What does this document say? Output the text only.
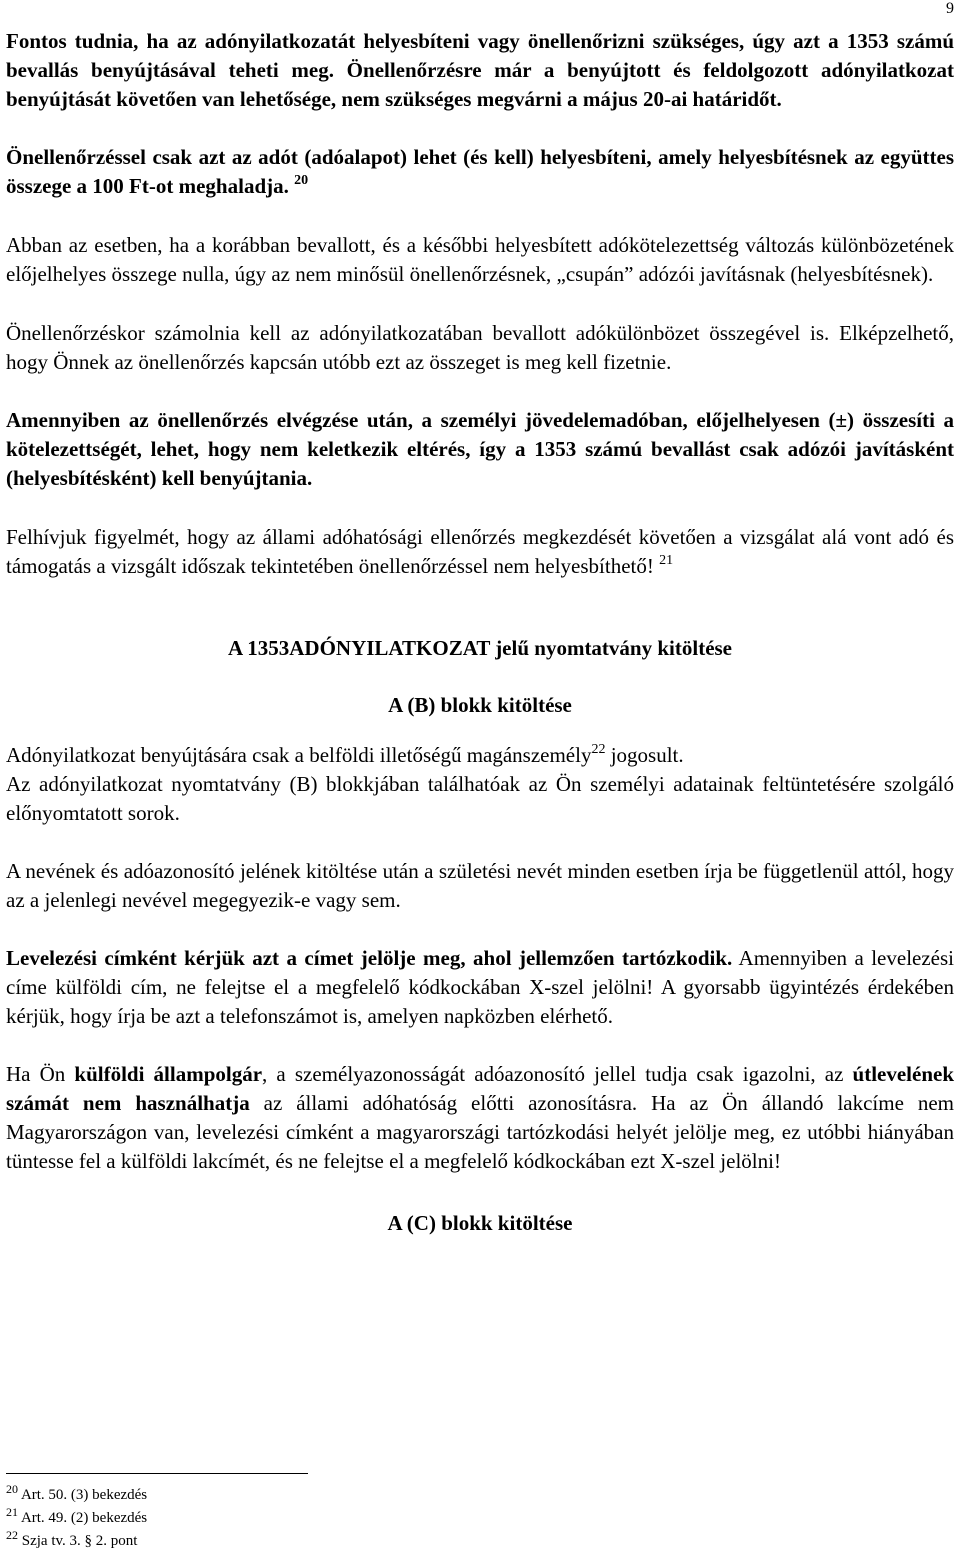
9

Fontos tudnia, ha az adónyilatkozatát helyesbíteni vagy önellenőrizni szükséges, úgy azt a 1353 számú bevallás benyújtásával teheti meg. Önellenőrzésre már a benyújtott és feldolgozott adónyilatkozat benyújtását követően van lehetősége, nem szükséges megvárni a május 20-ai határidőt.

Önellenőrzéssel csak azt az adót (adóalapot) lehet (és kell) helyesbíteni, amely helyesbítésnek az együttes összege a 100 Ft-ot meghaladja. $^{20}$

Abban az esetben, ha a korábban bevallott, és a későbbi helyesbített adókötelezettség változás különbözetének előjelhelyes összege nulla, úgy az nem minősül önellenőrzésnek, „csupán” adózói javításnak (helyesbítésnek).

Önellenőrzéskor számolnia kell az adónyilatkozatában bevallott adókülönbözet összegével is. Elképzelhető, hogy Önnek az önellenőrzés kapcsán utóbb ezt az összeget is meg kell fizetnie.

Amennyiben az önellenőrzés elvégzése után, a személyi jövedelemadóban, előjelhelyesen (±) összesíti a kötelezettségét, lehet, hogy nem keletkezik eltérés, így a 1353 számú bevallást csak adózói javításként (helyesbítésként) kell benyújtania.

Felhívjuk figyelmét, hogy az állami adóhatósági ellenőrzés megkezdését követően a vizsgálat alá vont adó és támogatás a vizsgált időszak tekintetében önellenőrzéssel nem helyesbíthető! $^{21}$

A 1353ADÓNYILATKOZAT jelű nyomtatvány kitöltése

A (B) blokk kitöltése

Adónyilatkozat benyújtására csak a belföldi illetőségű magánszemély$^{22}$ jogosult.
Az adónyilatkozat nyomtatvány (B) blokkjában találhatóak az Ön személyi adatainak feltüntetésére szolgáló előnyomtatott sorok.

A nevének és adóazonosító jelének kitöltése után a születési nevét minden esetben írja be függetlenül attól, hogy az a jelenlegi nevével megegyezik-e vagy sem.

Levelezési címként kérjük azt a címet jelölje meg, ahol jellemzően tartózkodik. Amennyiben a levelezési címe külföldi cím, ne felejtse el a megfelelő kódkockában X-szel jelölni! A gyorsabb ügyintézés érdekében kérjük, hogy írja be azt a telefonszámot is, amelyen napközben elérhető.

Ha Ön külföldi állampolgár, a személyazonosságát adóazonosító jellel tudja csak igazolni, az útlevelének számát nem használhatja az állami adóhatóság előtti azonosításra. Ha az Ön állandó lakcíme nem Magyarországon van, levelezési címként a magyarországi tartózkodási helyét jelölje meg, ez utóbbi hiányában tüntesse fel a külföldi lakcímét, és ne felejtse el a megfelelő kódkockában ezt X-szel jelölni!

A (C) blokk kitöltése

$^{20}$ Art. 50. (3) bekezdés

$^{21}$ Art. 49. (2) bekezdés

$^{22}$ Szja tv. 3. § 2. pont
